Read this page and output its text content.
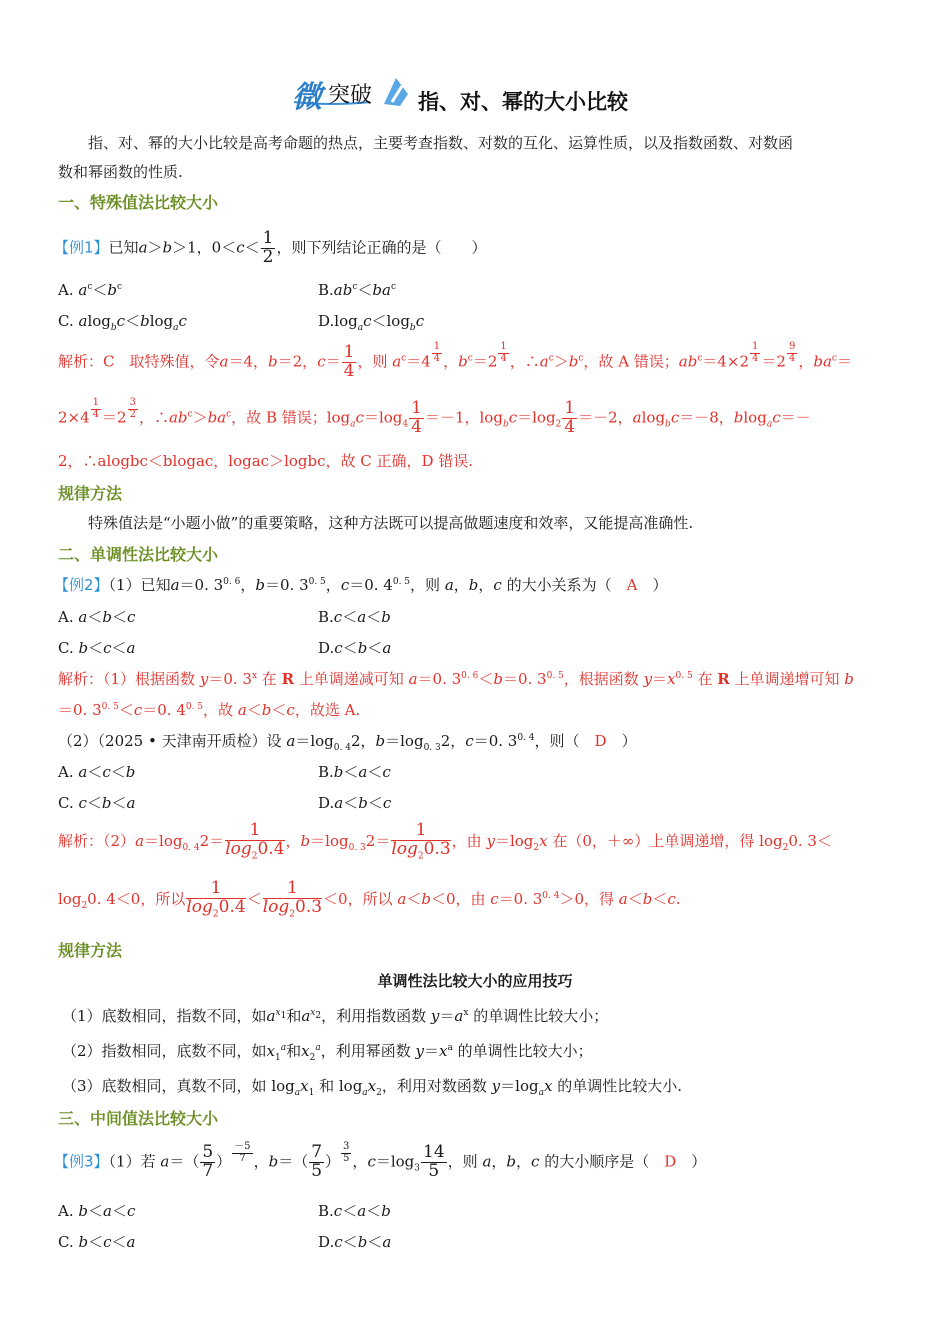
微 突破 指、对、幂的大小比较
指、对、幂的大小比较是高考命题的热点，主要考查指数、对数的互化、运算性质，以及指数函数、对数函
数和幂函数的性质.
一、特殊值法比较大小
【例1】已知a＞b＞1，$0<c< \frac{1}{2}$ ，则下列结论正确的是（　　）
A. $a^c<b^c$	$B.ab^c<ba^c$
C. alog$_b$c＜blog$_a$c	$D.\log_ac<\log_bc$
解析：C　 取特殊值，令a＝4，b＝2，$c= \frac{1}{4}$ ，则 $a^c=4 \frac{1}{4}$ ，$b^c=2 \frac{1}{4}$ ，$\therefore a^c>b^c$，故 A 错误；$ab^c=4\times 2 \frac{1}{4} =2 \frac{9}{4}$ ，$ba^c=$
$2\times 4 \frac{1}{4} =2 \frac{3}{2}$ ，$\therefore ab^c>ba^c$，故 B 错误；$\log_ac=\log_4 \frac{1}{4} =-1$，$\log_bc=\log_2 \frac{1}{4} =-2$，alog$_b$c＝－8，blog$_a$c＝－
2，∴alogbc＜blogac，logac＞logbc，故 C 正确，D 错误.
规律方法
特殊值法是“小题小做”的重要策略，这种方法既可以提高做题速度和效率，又能提高准确性.
二、单调性法比较大小
【例2】（1）已知a＝0. $3^{0. 6}$，b＝0. $3^{0. 5}$，c＝0. $4^{0. 5}$，则 a，b，c 的大小关系为（　A　）
A. a＜b＜c	B.c＜a＜b
C. b＜c＜a	D.c＜b＜a
解析：（1）根据函数 y＝0. 3$^x$ 在 R 上单调递减可知 a＝0. $3^{0. 6}<b=0$. $3^{0. 5}$，根据函数 $y=x^{0. 5}$ 在 R 上单调递增可知 b
＝0. $3^{0. 5}<c=0$. $4^{0. 5}$，故 a＜b＜c，故选 A.
（2）（2025 • 天津南开质检）设 $a=\log_{0. 4}2$，$b=\log_{0. 3}2$，c＝0. $3^{0. 4}$，则（　D　）
A. a＜c＜b	B.b＜a＜c
C. c＜b＜a	D.a＜b＜c
解析：$(2)a=\log_{0. 4}2= \frac{1}{\log_20.4}$ ，$b=\log_{0. 3}2= \frac{1}{\log_20.3}$ ，由 $y=\log_2x$ 在（0，＋∞）上单调递增，得 $\log_20$. 3＜
$\log_20$. 4＜0，所以 $\frac{1}{\log_20.4} < \frac{1}{\log_20.3} <0$，所以 a＜b＜0，由 c＝0. $3^{0. 4}>0$，得 a＜b＜c.
规律方法
单调性法比较大小的应用技巧
（1）底数相同，指数不同，如$a^{x_1}$和$a^{x_2}$，利用指数函数 $y=a^x$ 的单调性比较大小；
（2）指数相同，底数不同，如$x_1^a$和$x_2^a$，利用幂函数 $y=x^a$ 的单调性比较大小；
（3）底数相同，真数不同，如 $\log_ax_1$ 和 $\log_ax_2$，利用对数函数 $y=\log_ax$ 的单调性比较大小.
三、中间值法比较大小
【例3】（1）若 $a=( \frac{5}{7}$ ） $\frac{-5}{7}$ ，$b=( \frac{7}{5}$ ） $\frac{3}{5}$ ，$c=\log_3 \frac{14}{5}$ ，则 a，b，c 的大小顺序是（　D　）
A. b＜a＜c	B.c＜a＜b
C. b＜c＜a	D.c＜b＜a
